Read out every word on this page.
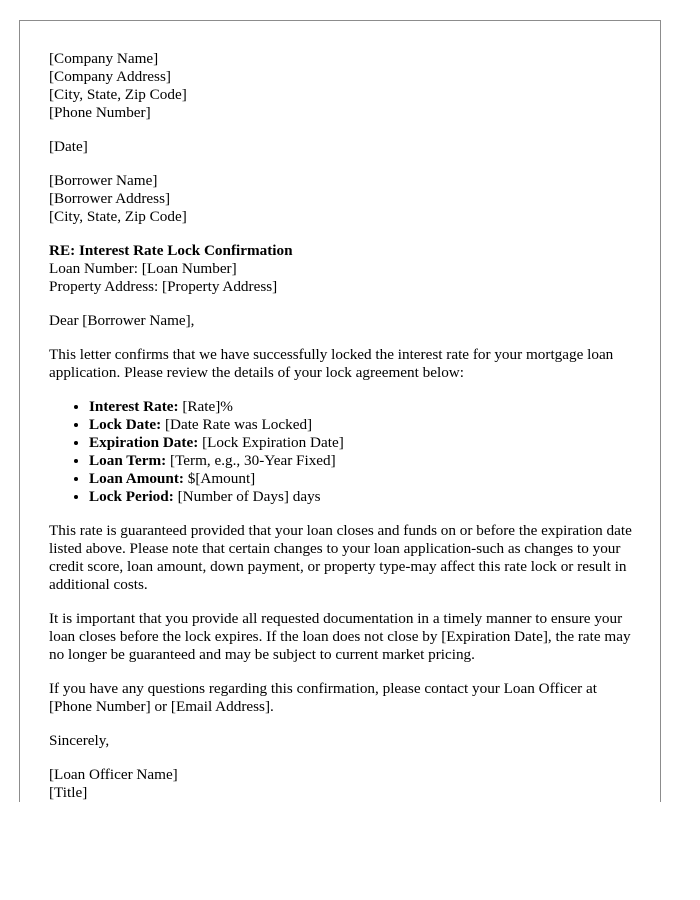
[Company Name]
[Company Address]
[City, State, Zip Code]
[Phone Number]

[Date]

[Borrower Name]
[Borrower Address]
[City, State, Zip Code]

RE: Interest Rate Lock Confirmation
Loan Number: [Loan Number]
Property Address: [Property Address]

Dear [Borrower Name],

This letter confirms that we have successfully locked the interest rate for your mortgage loan application. Please review the details of your lock agreement below:

• Interest Rate: [Rate]%
• Lock Date: [Date Rate was Locked]
• Expiration Date: [Lock Expiration Date]
• Loan Term: [Term, e.g., 30-Year Fixed]
• Loan Amount: $[Amount]
• Lock Period: [Number of Days] days

This rate is guaranteed provided that your loan closes and funds on or before the expiration date listed above. Please note that certain changes to your loan application-such as changes to your credit score, loan amount, down payment, or property type-may affect this rate lock or result in additional costs.

It is important that you provide all requested documentation in a timely manner to ensure your loan closes before the lock expires. If the loan does not close by [Expiration Date], the rate may no longer be guaranteed and may be subject to current market pricing.

If you have any questions regarding this confirmation, please contact your Loan Officer at [Phone Number] or [Email Address].

Sincerely,

[Loan Officer Name]
[Title]
